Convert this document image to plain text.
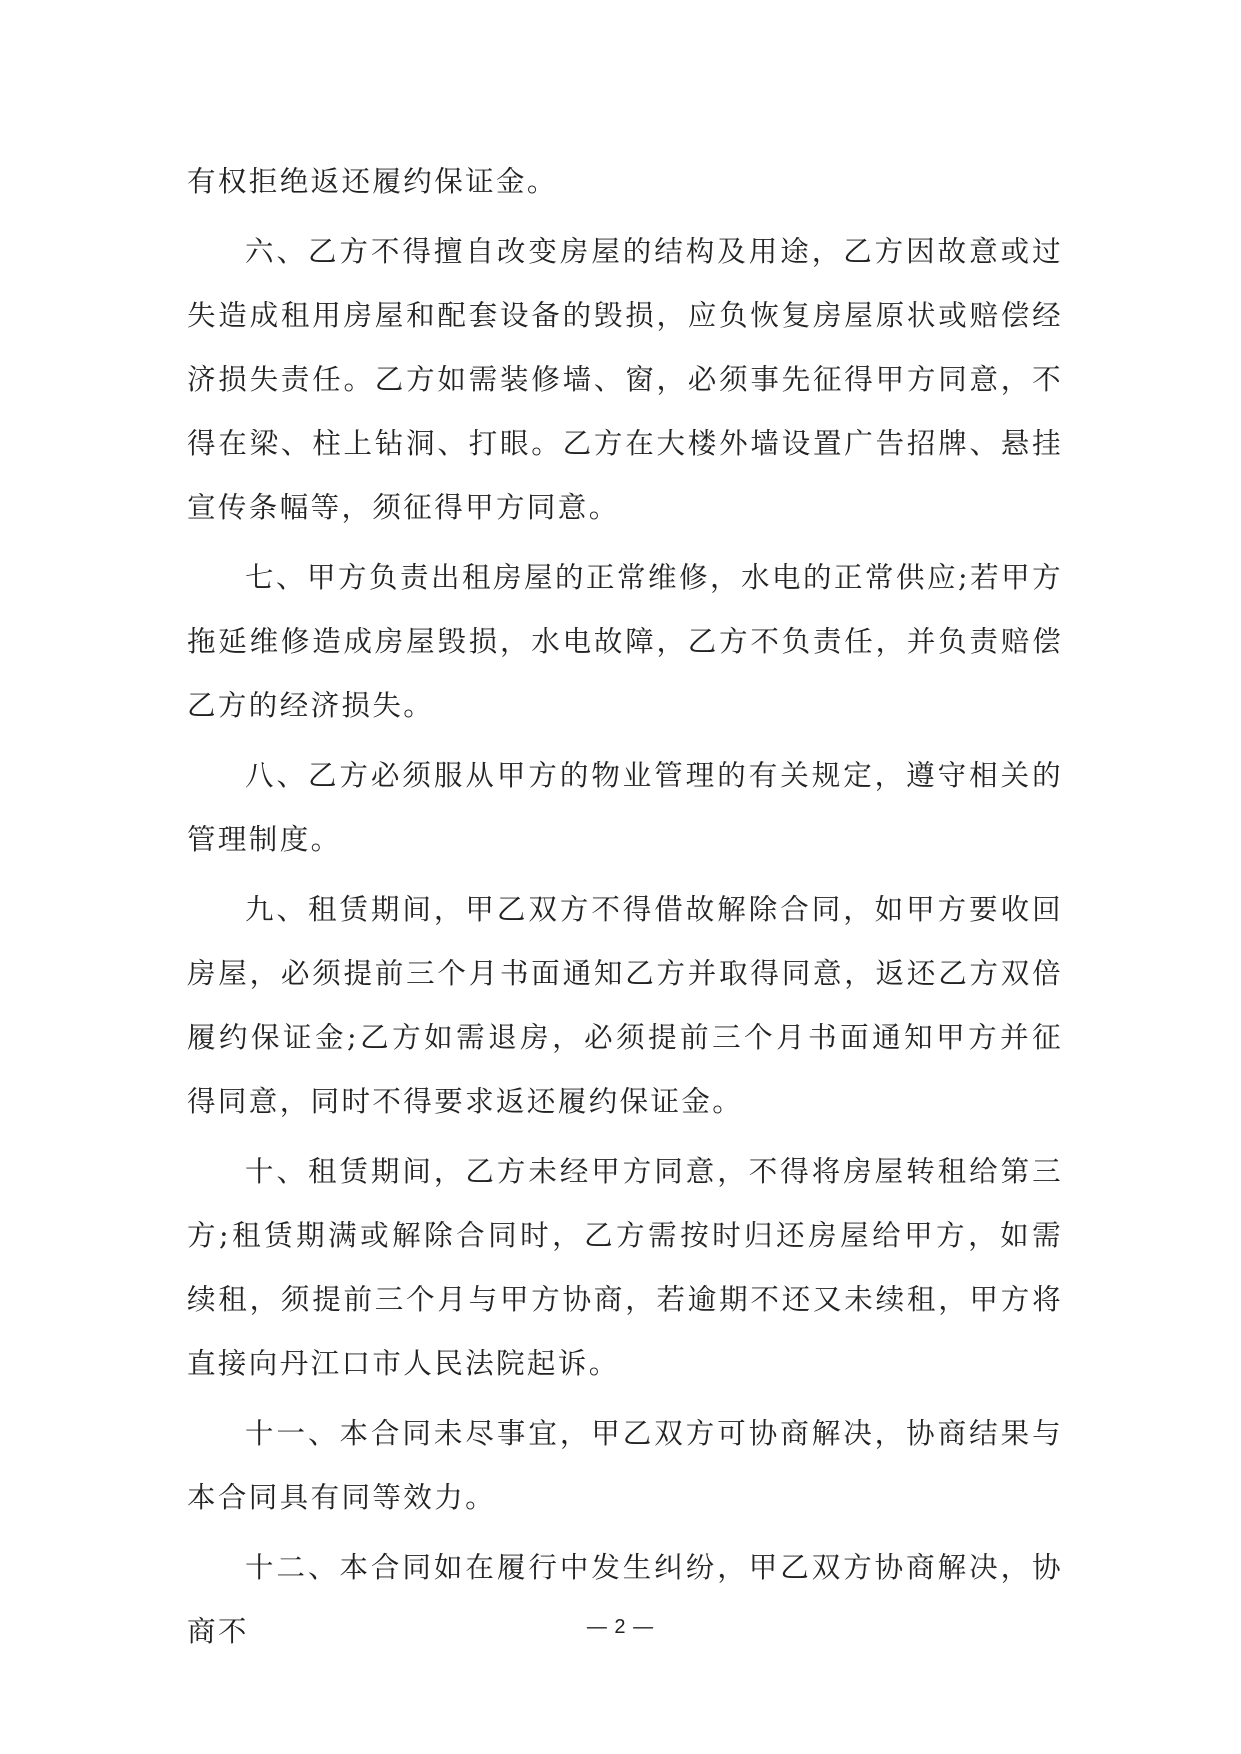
有权拒绝返还履约保证金。

六、乙方不得擅自改变房屋的结构及用途，乙方因故意或过失造成租用房屋和配套设备的毁损，应负恢复房屋原状或赔偿经济损失责任。乙方如需装修墙、窗，必须事先征得甲方同意，不得在梁、柱上钻洞、打眼。乙方在大楼外墙设置广告招牌、悬挂宣传条幅等，须征得甲方同意。

七、甲方负责出租房屋的正常维修，水电的正常供应;若甲方拖延维修造成房屋毁损，水电故障，乙方不负责任，并负责赔偿乙方的经济损失。

八、乙方必须服从甲方的物业管理的有关规定，遵守相关的管理制度。

九、租赁期间，甲乙双方不得借故解除合同，如甲方要收回房屋，必须提前三个月书面通知乙方并取得同意，返还乙方双倍履约保证金;乙方如需退房，必须提前三个月书面通知甲方并征得同意，同时不得要求返还履约保证金。

十、租赁期间，乙方未经甲方同意，不得将房屋转租给第三方;租赁期满或解除合同时，乙方需按时归还房屋给甲方，如需续租，须提前三个月与甲方协商，若逾期不还又未续租，甲方将直接向丹江口市人民法院起诉。

十一、本合同未尽事宜，甲乙双方可协商解决，协商结果与本合同具有同等效力。

十二、本合同如在履行中发生纠纷，甲乙双方协商解决，协商不	— 2 —
